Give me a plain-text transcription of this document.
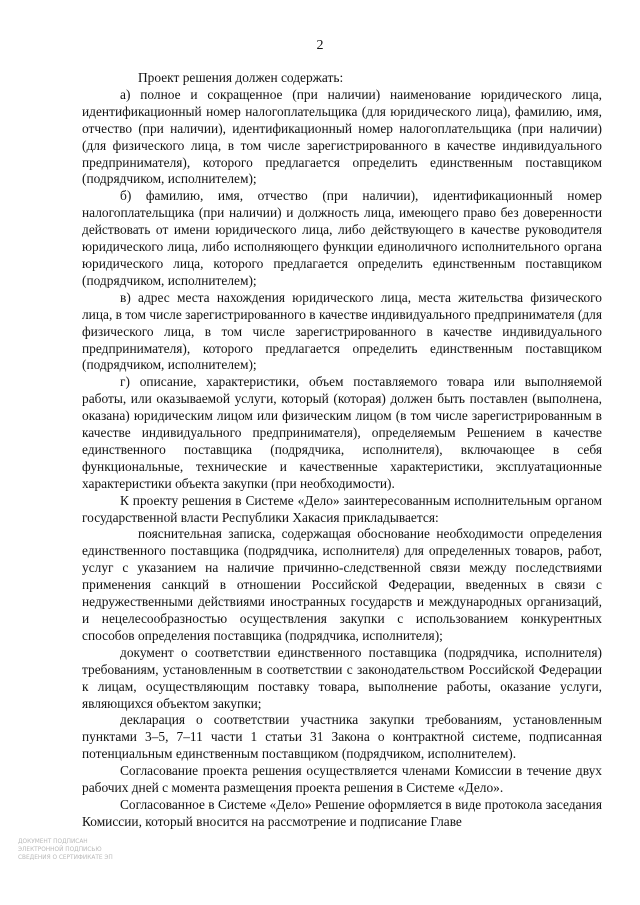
2

Проект решения должен содержать:

а) полное и сокращенное (при наличии) наименование юридического лица, идентификационный номер налогоплательщика (для юридического лица), фамилию, имя, отчество (при наличии), идентификационный номер налогоплательщика (при наличии) (для физического лица, в том числе зарегистрированного в качестве индивидуального предпринимателя), которого предлагается определить единственным поставщиком (подрядчиком, исполнителем);

б) фамилию, имя, отчество (при наличии), идентификационный номер налогоплательщика (при наличии) и должность лица, имеющего право без доверенности действовать от имени юридического лица, либо действующего в качестве руководителя юридического лица, либо исполняющего функции единоличного исполнительного органа юридического лица, которого предлагается определить единственным поставщиком (подрядчиком, исполнителем);

в) адрес места нахождения юридического лица, места жительства физического лица, в том числе зарегистрированного в качестве индивидуального предпринимателя (для физического лица, в том числе зарегистрированного в качестве индивидуального предпринимателя), которого предлагается определить единственным поставщиком (подрядчиком, исполнителем);

г) описание, характеристики, объем поставляемого товара или выполняемой работы, или оказываемой услуги, который (которая) должен быть поставлен (выполнена, оказана) юридическим лицом или физическим лицом (в том числе зарегистрированным в качестве индивидуального предпринимателя), определяемым Решением в качестве единственного поставщика (подрядчика, исполнителя), включающее в себя функциональные, технические и качественные характеристики, эксплуатационные характеристики объекта закупки (при необходимости).

К проекту решения в Системе «Дело» заинтересованным исполнительным органом государственной власти Республики Хакасия прикладывается:

пояснительная записка, содержащая обоснование необходимости определения единственного поставщика (подрядчика, исполнителя) для определенных товаров, работ, услуг с указанием на наличие причинно-следственной связи между последствиями применения санкций в отношении Российской Федерации, введенных в связи с недружественными действиями иностранных государств и международных организаций, и нецелесообразностью осуществления закупки с использованием конкурентных способов определения поставщика (подрядчика, исполнителя);

документ о соответствии единственного поставщика (подрядчика, исполнителя) требованиям, установленным в соответствии с законодательством Российской Федерации к лицам, осуществляющим поставку товара, выполнение работы, оказание услуги, являющихся объектом закупки;

декларация о соответствии участника закупки требованиям, установленным пунктами 3–5, 7–11 части 1 статьи 31 Закона о контрактной системе, подписанная потенциальным единственным поставщиком (подрядчиком, исполнителем).

Согласование проекта решения осуществляется членами Комиссии в течение двух рабочих дней с момента размещения проекта решения в Системе «Дело».

Согласованное в Системе «Дело» Решение оформляется в виде протокола заседания Комиссии, который вносится на рассмотрение и подписание Главе

ДОКУМЕНТ ПОДПИСАН
ЭЛЕКТРОННОЙ ПОДПИСЬЮ
СВЕДЕНИЯ О СЕРТИФИКАТЕ ЭП
